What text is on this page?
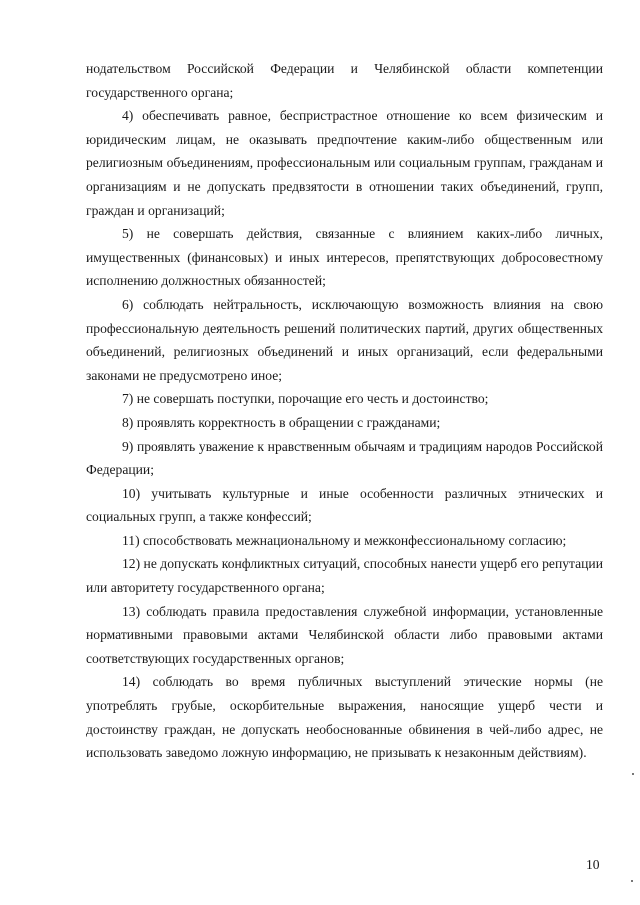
нодательством Российской Федерации и Челябинской области компетенции государственного органа;

4) обеспечивать равное, беспристрастное отношение ко всем физическим и юридическим лицам, не оказывать предпочтение каким-либо общественным или религиозным объединениям, профессиональным или социальным группам, гражданам и организациям и не допускать предвзятости в отношении таких объединений, групп, граждан и организаций;

5) не совершать действия, связанные с влиянием каких-либо личных, имущественных (финансовых) и иных интересов, препятствующих добросовестному исполнению должностных обязанностей;

6) соблюдать нейтральность, исключающую возможность влияния на свою профессиональную деятельность решений политических партий, других общественных объединений, религиозных объединений и иных организаций, если федеральными законами не предусмотрено иное;

7) не совершать поступки, порочащие его честь и достоинство;

8) проявлять корректность в обращении с гражданами;

9) проявлять уважение к нравственным обычаям и традициям народов Российской Федерации;

10) учитывать культурные и иные особенности различных этнических и социальных групп, а также конфессий;

11) способствовать межнациональному и межконфессиональному согласию;

12) не допускать конфликтных ситуаций, способных нанести ущерб его репутации или авторитету государственного органа;

13) соблюдать правила предоставления служебной информации, установленные нормативными правовыми актами Челябинской области либо правовыми актами соответствующих государственных органов;

14) соблюдать во время публичных выступлений этические нормы (не употреблять грубые, оскорбительные выражения, наносящие ущерб чести и достоинству граждан, не допускать необоснованные обвинения в чей-либо адрес, не использовать заведомо ложную информацию, не призывать к незаконным действиям).

10
